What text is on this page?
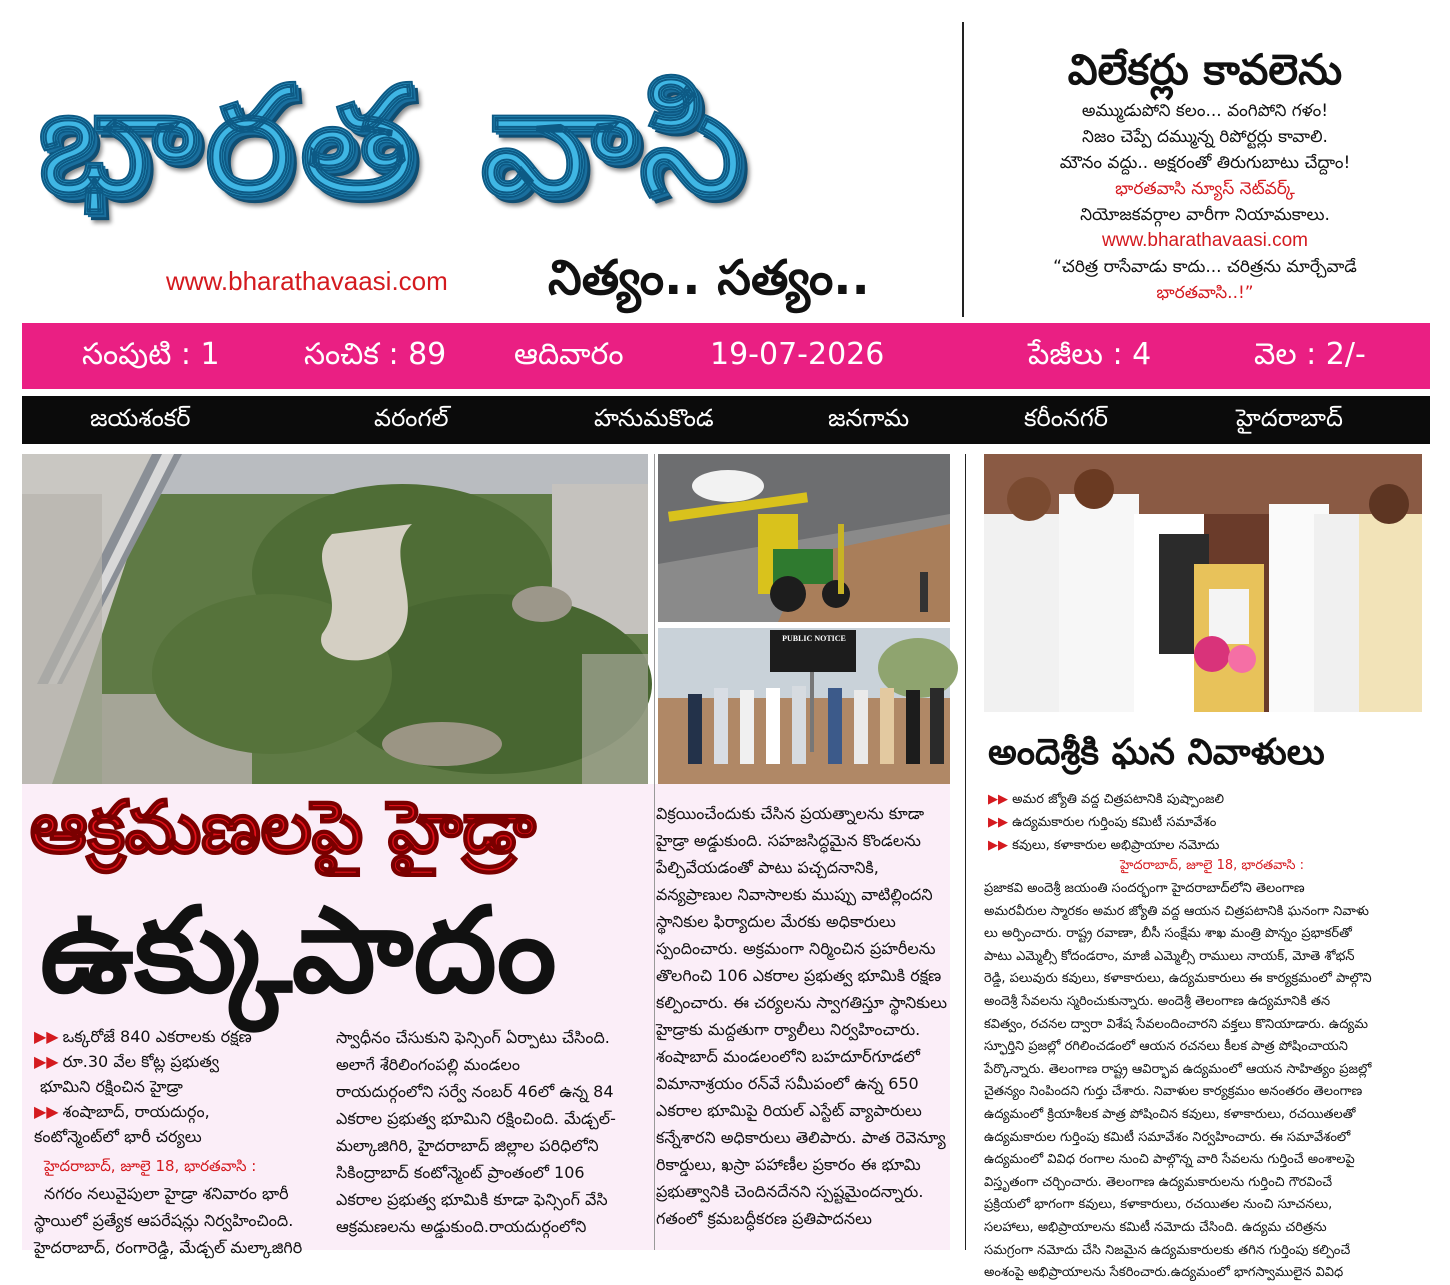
భారత వాసి
www.bharathavaasi.com నిత్యం.. సత్యం..
విలేకర్లు కావలెను
అమ్ముడుపోని కలం... వంగిపోని గళం!
నిజం చెప్పే దమ్మున్న రిపోర్టర్లు కావాలి.
మౌనం వద్దు.. అక్షరంతో తిరుగుబాటు చేద్దాం!
భారతవాసి న్యూస్ నెట్‌వర్క్
నియోజకవర్గాల వారీగా నియామకాలు.
www.bharathavaasi.com
“చరిత్ర రాసేవాడు కాదు... చరిత్రను మార్చేవాడే
భారతవాసి..!”
సంపుటి : 1	సంచిక : 89 ఆదివారం	19-07-2026	పేజీలు : 4	వెల : 2/-
జయశంకర్	వరంగల్	హనుమకొండ	జనగామ	కరీంనగర్	హైదరాబాద్
PUBLIC NOTICE
ఆక్రమణలపై హైడ్రా
ఉక్కుపాదం
▶▶ ఒక్కరోజే 840 ఎకరాలకు రక్షణ
▶▶ రూ.30 వేల కోట్ల ప్రభుత్వ
భూమిని రక్షించిన హైడ్రా
▶▶ శంషాబాద్, రాయదుర్గం,
కంటోన్మెంట్‌లో భారీ చర్యలు

హైదరాబాద్, జూలై 18, భారతవాసి :

నగరం నలువైపులా హైడ్రా శనివారం భారీ

స్థాయిలో ప్రత్యేక ఆపరేషన్లు నిర్వహించింది.

హైదరాబాద్, రంగారెడ్డి, మేడ్చల్ మల్కాజిగిరి

స్వాధీనం చేసుకుని ఫెన్సింగ్ ఏర్పాటు చేసింది.

అలాగే శేరిలింగంపల్లి మండలం

రాయదుర్గంలోని సర్వే నంబర్ 46లో ఉన్న 84

ఎకరాల ప్రభుత్వ భూమిని రక్షించింది. మేడ్చల్-

మల్కాజిగిరి, హైదరాబాద్ జిల్లాల పరిధిలోని

సికింద్రాబాద్ కంటోన్మెంట్ ప్రాంతంలో 106

ఎకరాల ప్రభుత్వ భూమికి కూడా ఫెన్సింగ్ వేసి

ఆక్రమణలను అడ్డుకుంది.రాయదుర్గంలోని

విక్రయించేందుకు చేసిన ప్రయత్నాలను కూడా

హైడ్రా అడ్డుకుంది. సహజసిద్ధమైన కొండలను

పేల్చివేయడంతో పాటు పచ్చదనానికి,

వన్యప్రాణుల నివాసాలకు ముప్పు వాటిల్లిందని

స్థానికుల ఫిర్యాదుల మేరకు అధికారులు

స్పందించారు. అక్రమంగా నిర్మించిన ప్రహరీలను

తొలగించి 106 ఎకరాల ప్రభుత్వ భూమికి రక్షణ

కల్పించారు. ఈ చర్యలను స్వాగతిస్తూ స్థానికులు

హైడ్రాకు మద్దతుగా ర్యాలీలు నిర్వహించారు.

శంషాబాద్ మండలంలోని బహదూర్‌గూడలో

విమానాశ్రయం రన్‌వే సమీపంలో ఉన్న 650

ఎకరాల భూమిపై రియల్ ఎస్టేట్ వ్యాపారులు

కన్నేశారని అధికారులు తెలిపారు. పాత రెవెన్యూ

రికార్డులు, ఖస్రా పహాణీల ప్రకారం ఈ భూమి

ప్రభుత్వానికి చెందినదేనని స్పష్టమైందన్నారు.

గతంలో క్రమబద్ధీకరణ ప్రతిపాదనలు

అందెశ్రీకి ఘన నివాళులు
▶▶ అమర జ్యోతి వద్ద చిత్రపటానికి పుష్పాంజలి
▶▶ ఉద్యమకారుల గుర్తింపు కమిటీ సమావేశం
▶▶ కవులు, కళాకారుల అభిప్రాయాల నమోదు
హైదరాబాద్, జూలై 18, భారతవాసి :

ప్రజాకవి అందెశ్రీ జయంతి సందర్భంగా హైదరాబాద్‌లోని తెలంగాణ

అమరవీరుల స్మారకం అమర జ్యోతి వద్ద ఆయన చిత్రపటానికి ఘనంగా నివాళు

లు అర్పించారు. రాష్ట్ర రవాణా, బీసీ సంక్షేమ శాఖ మంత్రి పొన్నం ప్రభాకర్‌తో

పాటు ఎమ్మెల్సీ కోదండరాం, మాజీ ఎమ్మెల్సీ రాములు నాయక్, మోతె శోభన్

రెడ్డి, పలువురు కవులు, కళాకారులు, ఉద్యమకారులు ఈ కార్యక్రమంలో పాల్గొని

అందెశ్రీ సేవలను స్మరించుకున్నారు. అందెశ్రీ తెలంగాణ ఉద్యమానికి తన

కవిత్వం, రచనల ద్వారా విశేష సేవలందించారని వక్తలు కొనియాడారు. ఉద్యమ

స్ఫూర్తిని ప్రజల్లో రగిలించడంలో ఆయన రచనలు కీలక పాత్ర పోషించాయని

పేర్కొన్నారు. తెలంగాణ రాష్ట్ర ఆవిర్భావ ఉద్యమంలో ఆయన సాహిత్యం ప్రజల్లో

చైతన్యం నింపిందని గుర్తు చేశారు. నివాళుల కార్యక్రమం అనంతరం తెలంగాణ

ఉద్యమంలో క్రియాశీలక పాత్ర పోషించిన కవులు, కళాకారులు, రచయితలతో

ఉద్యమకారుల గుర్తింపు కమిటీ సమావేశం నిర్వహించారు. ఈ సమావేశంలో

ఉద్యమంలో వివిధ రంగాల నుంచి పాల్గొన్న వారి సేవలను గుర్తించే అంశాలపై

విస్తృతంగా చర్చించారు. తెలంగాణ ఉద్యమకారులను గుర్తించి గౌరవించే

ప్రక్రియలో భాగంగా కవులు, కళాకారులు, రచయితల నుంచి సూచనలు,

సలహాలు, అభిప్రాయాలను కమిటీ నమోదు చేసింది. ఉద్యమ చరిత్రను

సమగ్రంగా నమోదు చేసి నిజమైన ఉద్యమకారులకు తగిన గుర్తింపు కల్పించే

అంశంపై అభిప్రాయాలను సేకరించారు.ఉద్యమంలో భాగస్వాములైన వివిధ
